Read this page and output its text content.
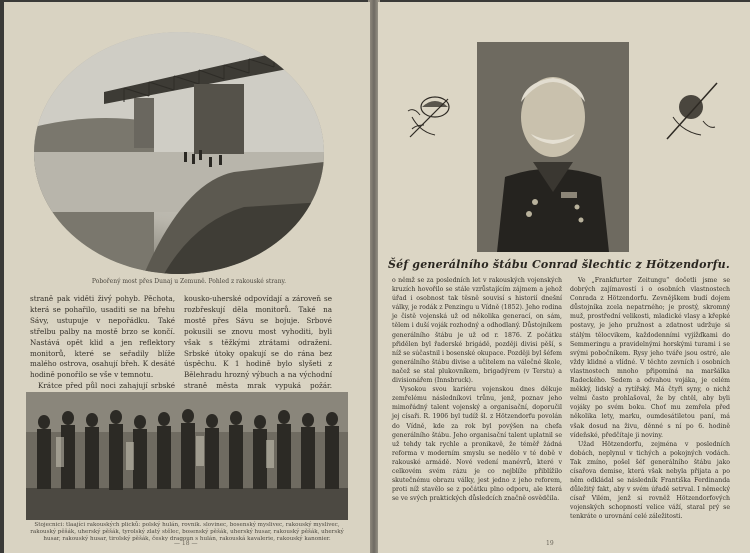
Pobořený most přes Dunaj u Zemuně. Pohled z rakouské strany.

straně pak viděti živý pohyb. Pěchota, která se pohařilo, usaditi se na břehu Sávy, ustupuje v nepořádku. Také střelbu palby na mostě brzo se končí. Nastává opět klid a jen reflektory monitorů, které se seřadily blíže malého ostrova, osahují břeh. K desáté hodině ponořilo se vše v temnotu.

Krátce před půl noci zahajují srbské

kousko-uherské odpovídají a zároveň se rozbřeskují děla monitorů. Také na mostě přes Sávu se bojuje. Srbové pokusili se znovu most vyhoditi, byli však s těžkými ztrátami odraženi. Srbské útoky opakují se do rána bez úspěchu. K 1 hodině bylo slyšeti z Bělehradu hrozný výbuch a na východní straně města mrak vypuká požár.

Stojecnici: tlaajíci rakouských plicků: polský hulán, rovnik. slovinec, bosenský myslivec, rakouský myslivec, rakouský pěšák, uherský pěšák, tyrolský zlatý stělec, bosenský pěšák, uherský husar, rakouský pěšák, uherský husar, rakouský husar, tirolský pěšák, česky dragoun s hulán, rakouská kavalerie, rakouský kanonier.
— 18 —
Šéf generálního štábu Conrad šlechtic z Hötzendorfu.

o němž se za posledních let v rakouských vojenských kruzích hovořilo se stále vzrůstajícím zájmem a jehož úřad i osobnost tak těsně souvisí s historií dnešní války, je rodák z Penzingu u Vídně (1852). Jeho rodina je čistě vojenská už od několika generací, on sám, tělem i duší voják rozhodný a odhodlaný. Důstojníkem generálního štábu je už od r. 1876. Z počátku přidělen byl řaderské brigádě, později divisi pěší, s níž se súčastnil i bosenské okupace. Později byl šéfem generálního štábu divise a učitelem na válečné škole, načež se stal plukovníkem, brigadýrem (v Terstu) a divisionářem (Innsbruck).

Vysokou svou kariéru vojenskou dnes děkuje zemřelému následníkovi trůnu, jenž, poznav jeho mimořádný talent vojenský a organisační, doporučil jej císaři. R. 1906 byl tudíž šl. z Hötzendorfu povolán do Vídně, kde za rok byl povýšen na chefa generálního štábu. Jeho organisační talent uplatnil se už tehdy tak rychle a pronikavě, že téměř žádná reforma v moderním smyslu se nedělo v té době v rakouské armádě. Nové vedení manévrů, které v celkovém svém rázu je co nejblíže přiblížilo skutečnému obrazu války, jest jedno z jeho reforem, proti níž stavělo se z počátku plno odporu, ale která se ve svých praktických důsledcích značně osvědčila.

Ve „Frankfurter Zeitungu“ dočetli jsme se dobrých zajímavostí i o osobních vlastnostech Conrada z Hötzendorfu. Zevnějškem budí dojem důstojníka zcela nepatrného; je prostý, skromný muž, prostřední velikosti, mladické vlasy a křepké postavy, je jeho pružnost a zdatnost udržuje si stálým tělocvikem, každodenními vyjížďkami do Semmeringu a pravidelnými horskými turami i se svými pobočníkem. Rysy jeho tváře jsou ostré, ale vždy klidné a vlídné. V těchto zevních i osobních vlastnostech mnoho připomíná na maršálka Radeckého. Sedem a odvahou vojáka, je celém měkký, lidský a rytířský. Má čtyři syny, o nichž velmi často prohlašoval, že by chtěl, aby byli vojáky po svém boku. Choť mu zemřela před několika lety, marku, oumdesátiletou paní, má však dosud na živu, děnné s ní po 6. hodině vídeňské, předčítaje ji noviny.

Užad Hötzendorfu, zejména v posledních dobách, neplynul v tichých a pokojných vodách. Tak zmíno, pošel šéf generálního štábu jako císařova demise, která však nebyla přijata a po něm odkládal se následník Františka Ferdinanda důležitý fakt, aby v svém úřadě setrval. I německý císař Vilém, jenž si rovněž Hötzendorfových vojenských schopností velice váží, staral prý se tenkráte o urovnání celé záležitosti.

19
